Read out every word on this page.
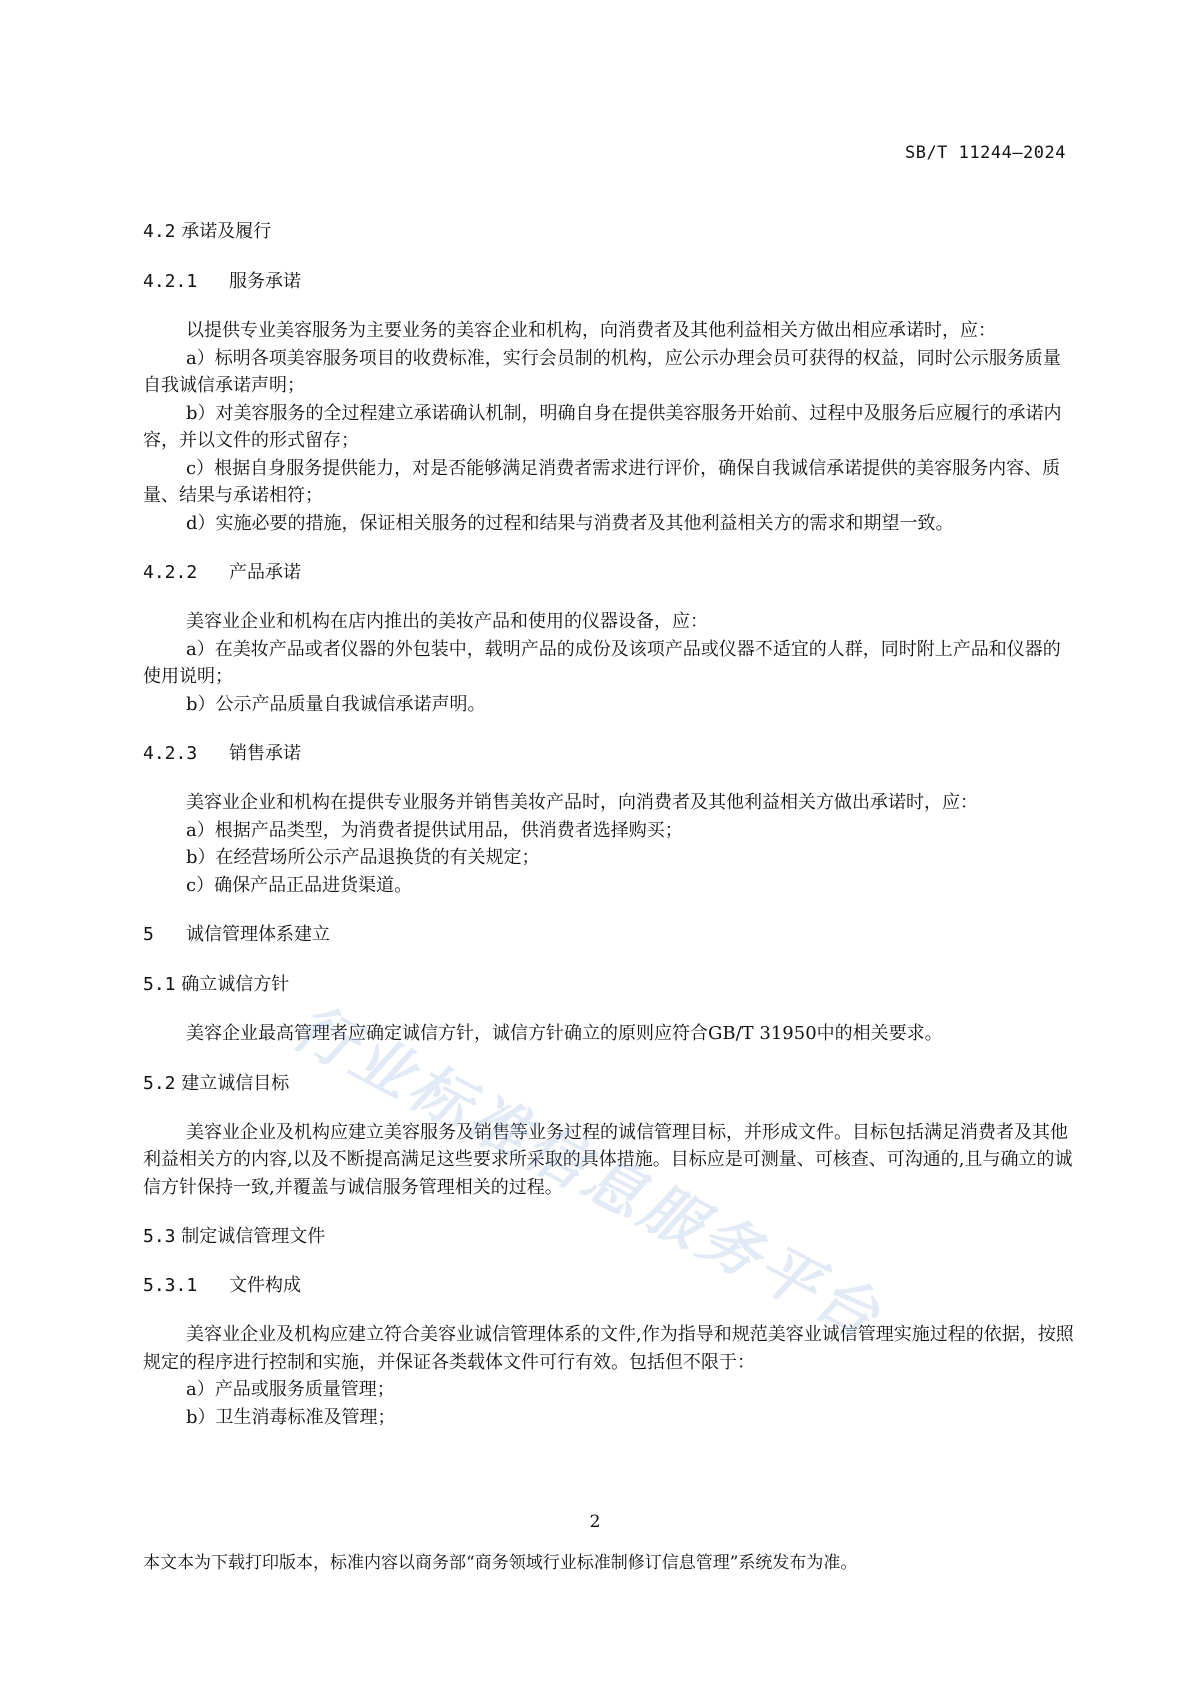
SB/T 11244—2024

4.2 承诺及履行

4.2.1 服务承诺

以提供专业美容服务为主要业务的美容企业和机构，向消费者及其他利益相关方做出相应承诺时，应：

a）标明各项美容服务项目的收费标准，实行会员制的机构，应公示办理会员可获得的权益，同时公示服务质量自我诚信承诺声明；

b）对美容服务的全过程建立承诺确认机制，明确自身在提供美容服务开始前、过程中及服务后应履行的承诺内容，并以文件的形式留存；

c）根据自身服务提供能力，对是否能够满足消费者需求进行评价，确保自我诚信承诺提供的美容服务内容、质量、结果与承诺相符；

d）实施必要的措施，保证相关服务的过程和结果与消费者及其他利益相关方的需求和期望一致。

4.2.2 产品承诺

美容业企业和机构在店内推出的美妆产品和使用的仪器设备，应：

a）在美妆产品或者仪器的外包装中，载明产品的成份及该项产品或仪器不适宜的人群，同时附上产品和仪器的使用说明；

b）公示产品质量自我诚信承诺声明。

4.2.3 销售承诺

美容业企业和机构在提供专业服务并销售美妆产品时，向消费者及其他利益相关方做出承诺时，应：

a）根据产品类型，为消费者提供试用品，供消费者选择购买；

b）在经营场所公示产品退换货的有关规定；

c）确保产品正品进货渠道。

5 诚信管理体系建立

5.1 确立诚信方针

美容企业最高管理者应确定诚信方针，诚信方针确立的原则应符合GB/T 31950中的相关要求。

5.2 建立诚信目标

美容业企业及机构应建立美容服务及销售等业务过程的诚信管理目标，并形成文件。目标包括满足消费者及其他利益相关方的内容,以及不断提高满足这些要求所采取的具体措施。目标应是可测量、可核查、可沟通的,且与确立的诚信方针保持一致,并覆盖与诚信服务管理相关的过程。

5.3 制定诚信管理文件

5.3.1 文件构成

美容业企业及机构应建立符合美容业诚信管理体系的文件,作为指导和规范美容业诚信管理实施过程的依据，按照规定的程序进行控制和实施，并保证各类载体文件可行有效。包括但不限于：

a）产品或服务质量管理；

b）卫生消毒标准及管理；

行
业
标
准
信
息
服
务
平
台
2
本文本为下载打印版本，标准内容以商务部“商务领域行业标准制修订信息管理”系统发布为准。
